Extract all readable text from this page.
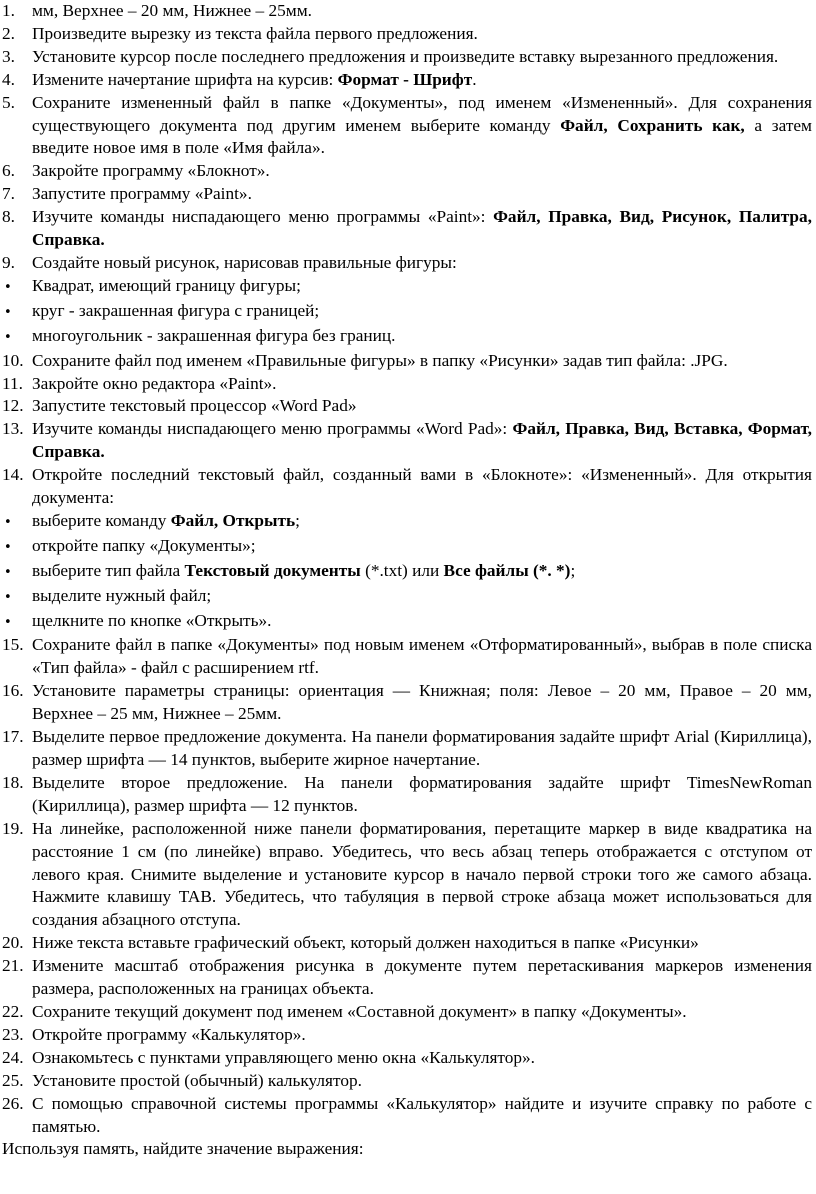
1. мм, Верхнее – 20 мм, Нижнее – 25мм.
2. Произведите вырезку из текста файла первого предложения.
3. Установите курсор после последнего предложения и произведите вставку вырезанного предложения.
4. Измените начертание шрифта на курсив: Формат - Шрифт.
5. Сохраните измененный файл в папке «Документы», под именем «Измененный». Для сохранения существующего документа под другим именем выберите команду Файл, Сохранить как, а затем введите новое имя в поле «Имя файла».
6. Закройте программу «Блокнот».
7. Запустите программу «Paint».
8. Изучите команды ниспадающего меню программы «Paint»: Файл, Правка, Вид, Рисунок, Палитра, Справка.
9. Создайте новый рисунок, нарисовав правильные фигуры:
•
Квадрат, имеющий границу фигуры;
•
круг - закрашенная фигура с границей;
•
многоугольник - закрашенная фигура без границ.
10. Сохраните файл под именем «Правильные фигуры» в папку «Рисунки» задав тип файла: .JPG.
11. Закройте окно редактора «Paint».
12. Запустите текстовый процессор «Word Pad»
13. Изучите команды ниспадающего меню программы «Word Pad»: Файл, Правка, Вид, Вставка, Формат, Справка.
14. Откройте последний текстовый файл, созданный вами в «Блокноте»: «Измененный». Для открытия документа:
•
выберите команду Файл, Открыть;
•
откройте папку «Документы»;
•
выберите тип файла Текстовый документы (*.txt) или Все файлы (*. *);
•
выделите нужный файл;
•
щелкните по кнопке «Открыть».
15. Сохраните файл в папке «Документы» под новым именем «Отформатированный», выбрав в поле списка «Тип файла» - файл с расширением rtf.
16. Установите параметры страницы: ориентация — Книжная; поля: Левое – 20 мм, Правое – 20 мм, Верхнее – 25 мм, Нижнее – 25мм.
17. Выделите первое предложение документа. На панели форматирования задайте шрифт Arial (Кириллица), размер шрифта — 14 пунктов, выберите жирное начертание.
18. Выделите второе предложение. На панели форматирования задайте шрифт TimesNewRoman (Кириллица), размер шрифта — 12 пунктов.
19. На линейке, расположенной ниже панели форматирования, перетащите маркер в виде квадратика на расстояние 1 см (по линейке) вправо. Убедитесь, что весь абзац теперь отображается с отступом от левого края. Снимите выделение и установите курсор в начало первой строки того же самого абзаца. Нажмите клавишу TAB. Убедитесь, что табуляция в первой строке абзаца может использоваться для создания абзацного отступа.
20. Ниже текста вставьте графический объект, который должен находиться в папке «Рисунки»
21. Измените масштаб отображения рисунка в документе путем перетаскивания маркеров изменения размера, расположенных на границах объекта.
22. Сохраните текущий документ под именем «Составной документ» в папку «Документы».
23. Откройте программу «Калькулятор».
24. Ознакомьтесь с пунктами управляющего меню окна «Калькулятор».
25. Установите простой (обычный) калькулятор.
26. С помощью справочной системы программы «Калькулятор» найдите и изучите справку по работе с памятью.
Используя память, найдите значение выражения:
